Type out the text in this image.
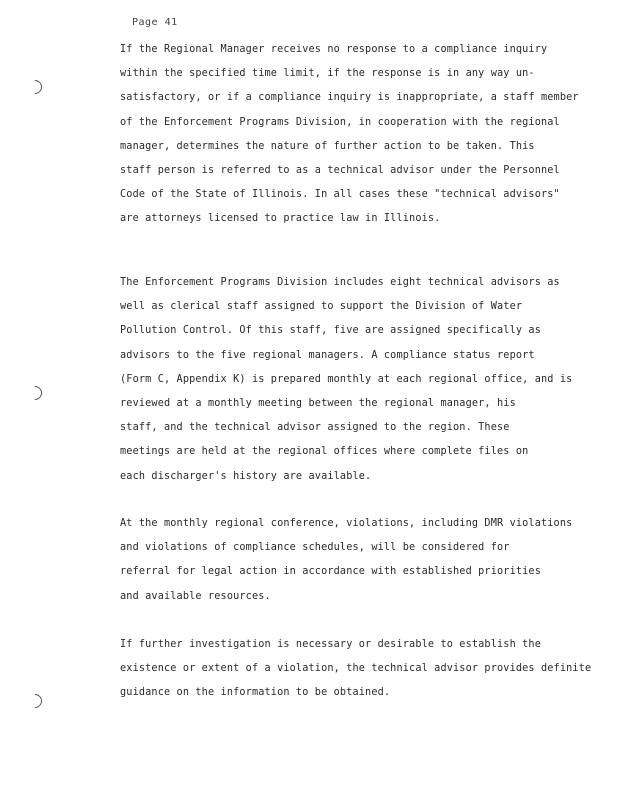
Page 41

If the Regional Manager receives no response to a compliance inquiry
within the specified time limit, if the response is in any way un-
satisfactory, or if a compliance inquiry is inappropriate, a staff member
of the Enforcement Programs Division, in cooperation with the regional
manager, determines the nature of further action to be taken. This
staff person is referred to as a technical advisor under the Personnel
Code of the State of Illinois. In all cases these "technical advisors"
are attorneys licensed to practice law in Illinois.

The Enforcement Programs Division includes eight technical advisors as
well as clerical staff assigned to support the Division of Water
Pollution Control. Of this staff, five are assigned specifically as
advisors to the five regional managers. A compliance status report
(Form C, Appendix K) is prepared monthly at each regional office, and is
reviewed at a monthly meeting between the regional manager, his
staff, and the technical advisor assigned to the region. These
meetings are held at the regional offices where complete files on
each discharger's history are available.

At the monthly regional conference, violations, including DMR violations
and violations of compliance schedules, will be considered for
referral for legal action in accordance with established priorities
and available resources.

If further investigation is necessary or desirable to establish the
existence or extent of a violation, the technical advisor provides definite
guidance on the information to be obtained.
